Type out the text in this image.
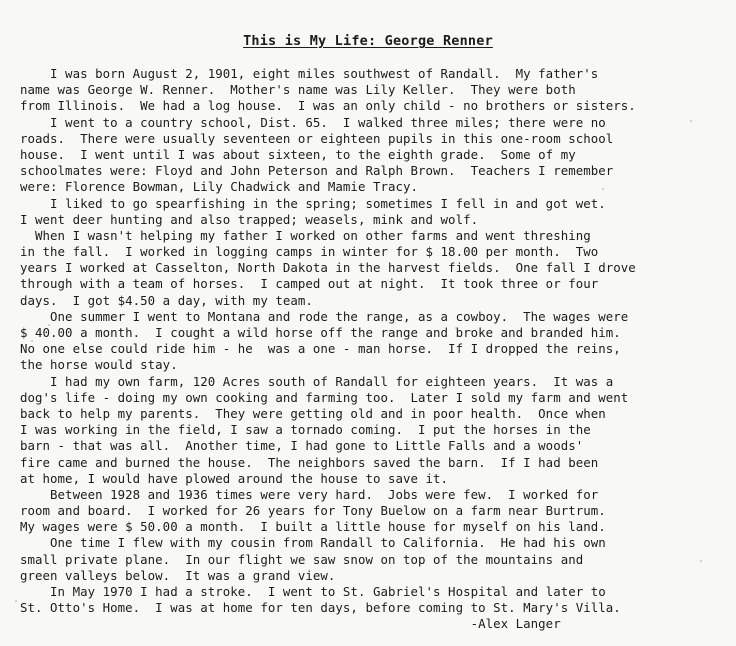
This is My Life: George Renner
I was born August 2, 1901, eight miles southwest of Randall.  My father's
name was George W. Renner.  Mother's name was Lily Keller.  They were both
from Illinois.  We had a log house.  I was an only child - no brothers or sisters.
I went to a country school, Dist. 65.  I walked three miles; there were no
roads.  There were usually seventeen or eighteen pupils in this one-room school
house.  I went until I was about sixteen, to the eighth grade.  Some of my
schoolmates were: Floyd and John Peterson and Ralph Brown.  Teachers I remember
were: Florence Bowman, Lily Chadwick and Mamie Tracy.
I liked to go spearfishing in the spring; sometimes I fell in and got wet.
I went deer hunting and also trapped; weasels, mink and wolf.
When I wasn't helping my father I worked on other farms and went threshing
in the fall.  I worked in logging camps in winter for $ 18.00 per month.  Two
years I worked at Casselton, North Dakota in the harvest fields.  One fall I drove
through with a team of horses.  I camped out at night.  It took three or four
days.  I got $4.50 a day, with my team.
One summer I went to Montana and rode the range, as a cowboy.  The wages were
$ 40.00 a month.  I cought a wild horse off the range and broke and branded him.
No one else could ride him - he  was a one - man horse.  If I dropped the reins,
the horse would stay.
I had my own farm, 120 Acres south of Randall for eighteen years.  It was a
dog's life - doing my own cooking and farming too.  Later I sold my farm and went
back to help my parents.  They were getting old and in poor health.  Once when
I was working in the field, I saw a tornado coming.  I put the horses in the
barn - that was all.  Another time, I had gone to Little Falls and a woods'
fire came and burned the house.  The neighbors saved the barn.  If I had been
at home, I would have plowed around the house to save it.
Between 1928 and 1936 times were very hard.  Jobs were few.  I worked for
room and board.  I worked for 26 years for Tony Buelow on a farm near Burtrum.
My wages were $ 50.00 a month.  I built a little house for myself on his land.
One time I flew with my cousin from Randall to California.  He had his own
small private plane.  In our flight we saw snow on top of the mountains and
green valleys below.  It was a grand view.
In May 1970 I had a stroke.  I went to St. Gabriel's Hospital and later to
St. Otto's Home.  I was at home for ten days, before coming to St. Mary's Villa.
-Alex Langer
